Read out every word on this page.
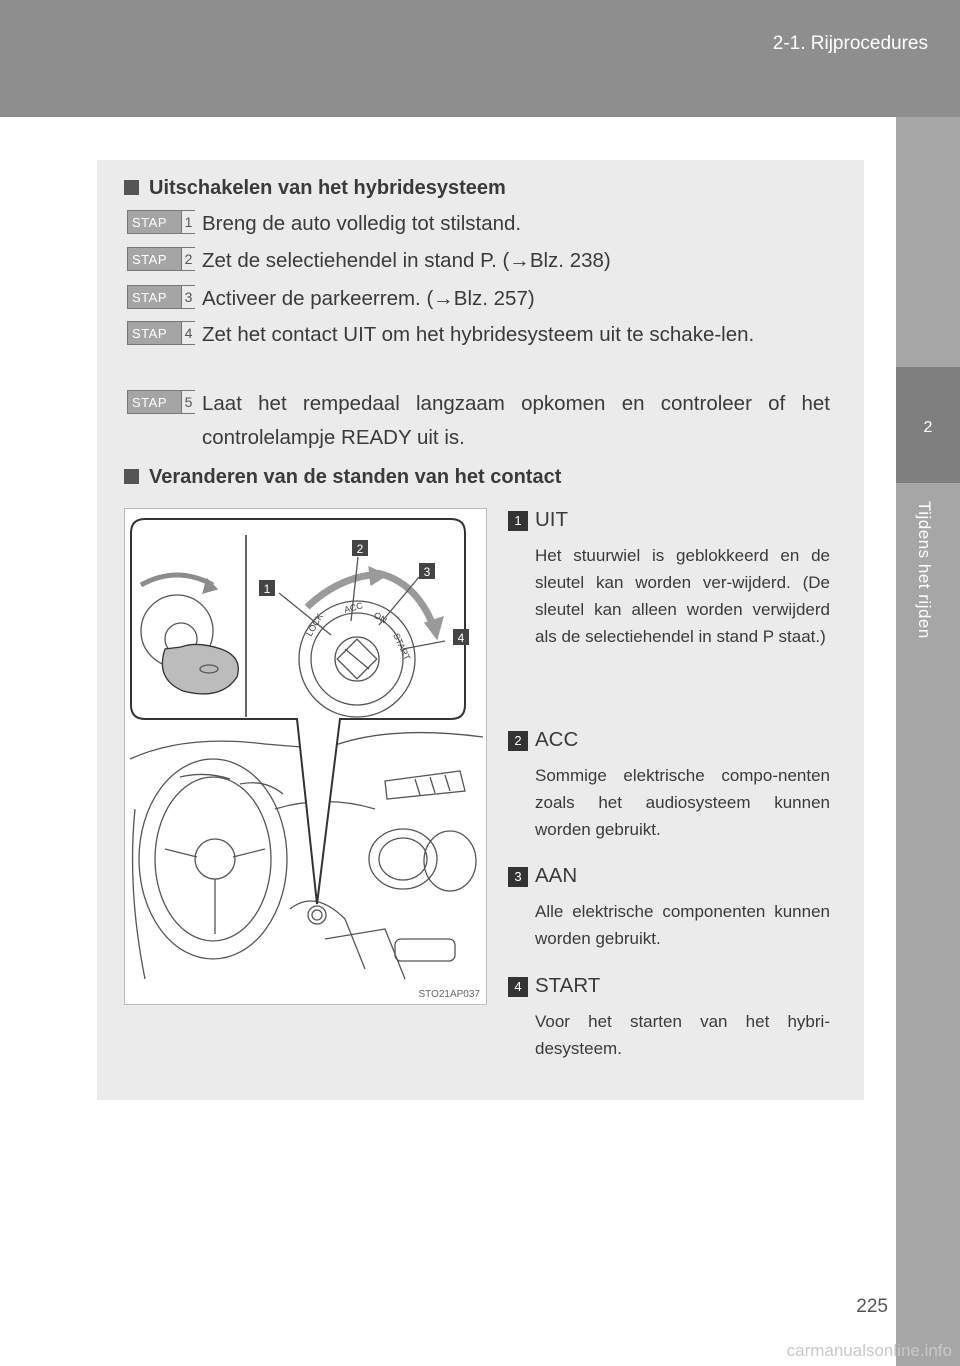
2-1. Rijprocedures
2
Tijdens het rijden
Uitschakelen van het hybridesysteem
STAP 1 Breng de auto volledig tot stilstand.
STAP 2 Zet de selectiehendel in stand P. (→Blz. 238)
STAP 3 Activeer de parkeerrem. (→Blz. 257)
STAP 4 Zet het contact UIT om het hybridesysteem uit te schake-len.
STAP 5 Laat het rempedaal langzaam opkomen en controleer of het controlelampje READY uit is.
Veranderen van de standen van het contact
LOCK
ACC
ON
START
1
2
3
4
STO21AP037
1 UIT
Het stuurwiel is geblokkeerd en de sleutel kan worden ver-wijderd. (De sleutel kan alleen worden verwijderd als de selectiehendel in stand P staat.)
2 ACC
Sommige elektrische compo-nenten zoals het audiosysteem kunnen worden gebruikt.
3 AAN
Alle elektrische componenten kunnen worden gebruikt.
4 START
Voor het starten van het hybri-desysteem.
225
carmanualsonline.info
